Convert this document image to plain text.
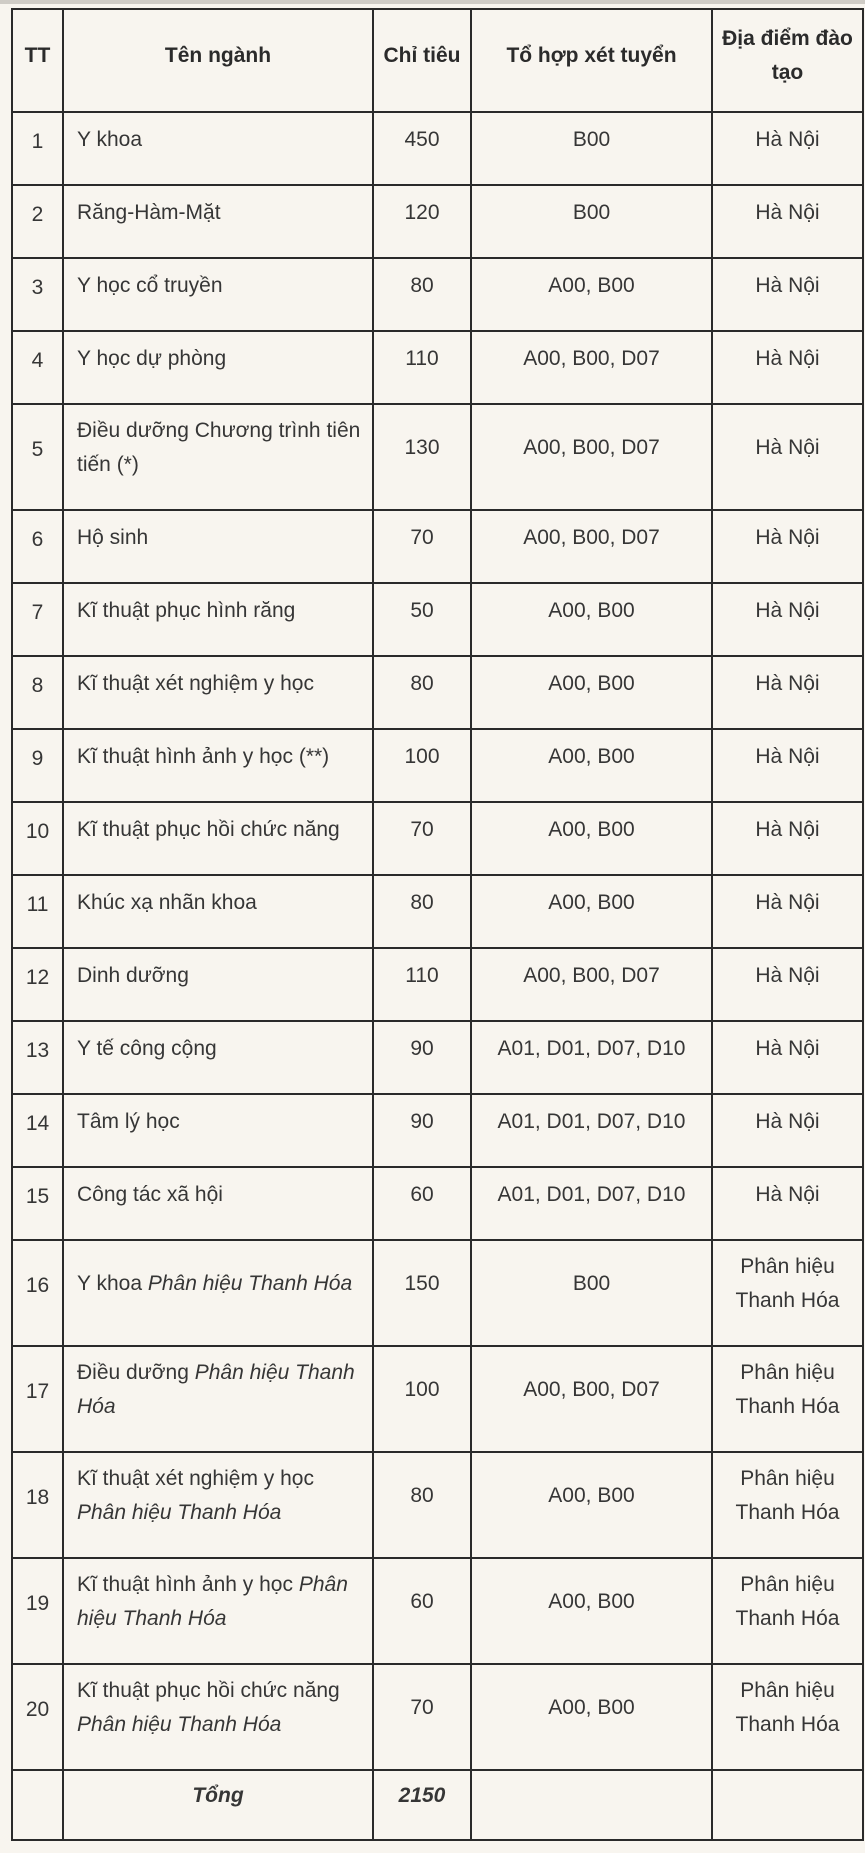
TT	Tên ngành	Chỉ tiêu	Tổ hợp xét tuyển	Địa điểm đào tạo
1	Y khoa	450	B00	Hà Nội
2	Răng-Hàm-Mặt	120	B00	Hà Nội
3	Y học cổ truyền	80	A00, B00	Hà Nội
4	Y học dự phòng	110	A00, B00, D07	Hà Nội
5	Điều dưỡng Chương trình tiên tiến (*)	130	A00, B00, D07	Hà Nội
6	Hộ sinh	70	A00, B00, D07	Hà Nội
7	Kĩ thuật phục hình răng	50	A00, B00	Hà Nội
8	Kĩ thuật xét nghiệm y học	80	A00, B00	Hà Nội
9	Kĩ thuật hình ảnh y học (**)	100	A00, B00	Hà Nội
10	Kĩ thuật phục hồi chức năng	70	A00, B00	Hà Nội
11	Khúc xạ nhãn khoa	80	A00, B00	Hà Nội
12	Dinh dưỡng	110	A00, B00, D07	Hà Nội
13	Y tế công cộng	90	A01, D01, D07, D10	Hà Nội
14	Tâm lý học	90	A01, D01, D07, D10	Hà Nội
15	Công tác xã hội	60	A01, D01, D07, D10	Hà Nội
16	Y khoa Phân hiệu Thanh Hóa	150	B00	Phân hiệu Thanh Hóa
17	Điều dưỡng Phân hiệu Thanh Hóa	100	A00, B00, D07	Phân hiệu Thanh Hóa
18	Kĩ thuật xét nghiệm y học Phân hiệu Thanh Hóa	80	A00, B00	Phân hiệu Thanh Hóa
19	Kĩ thuật hình ảnh y học Phân hiệu Thanh Hóa	60	A00, B00	Phân hiệu Thanh Hóa
20	Kĩ thuật phục hồi chức năng Phân hiệu Thanh Hóa	70	A00, B00	Phân hiệu Thanh Hóa
	Tổng	2150		
